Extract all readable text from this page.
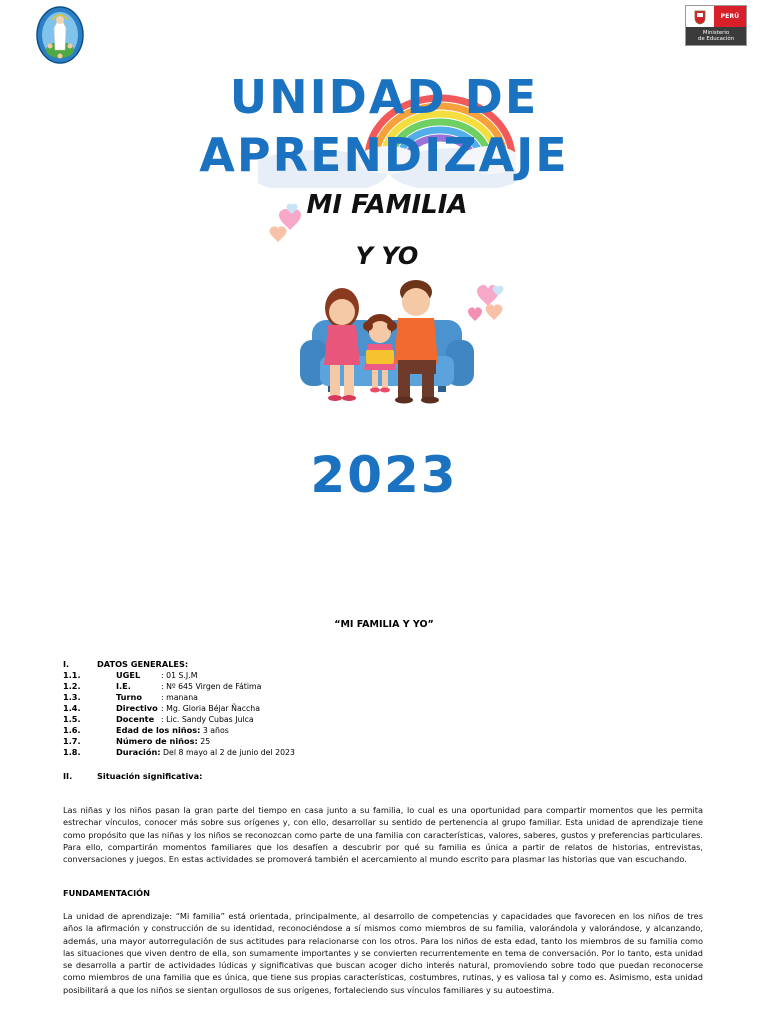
PERÚ
Ministerio
de Educación
UNIDAD DE
APRENDIZAJE
MI FAMILIA
Y YO
2023
“MI FAMILIA Y YO”
I.	DATOS GENERALES:
1.1.	UGEL	: 01 S.J.M
1.2.	I.E.	: Nº 645 Virgen de Fátima
1.3.	Turno : manana
1.4.	Directivo : Mg. Gloria Béjar Ñaccha
1.5.	Docente : Lic. Sandy Cubas Julca
1.6.	Edad de los niños: 3 años
1.7.	Número de niños: 25
1.8.	Duración: Del 8 mayo al 2 de junio del 2023
II.	Situación significativa:
Las niñas y los niños pasan la gran parte del tiempo en casa junto a su familia, lo cual es una oportunidad para compartir momentos que les permita estrechar vínculos, conocer más sobre sus orígenes y, con ello, desarrollar su sentido de pertenencia al grupo familiar. Esta unidad de aprendizaje tiene como propósito que las niñas y los niños se reconozcan como parte de una familia con características, valores, saberes, gustos y preferencias particulares. Para ello, compartirán momentos familiares que los desafíen a descubrir por qué su familia es única a partir de relatos de historias, entrevistas, conversaciones y juegos. En estas actividades se promoverá también el acercamiento al mundo escrito para plasmar las historias que van escuchando.
FUNDAMENTACIÓN
La unidad de aprendizaje: “Mi familia” está orientada, principalmente, al desarrollo de competencias y capacidades que favorecen en los niños de tres años la afirmación y construcción de su identidad, reconociéndose a sí mismos como miembros de su familia, valorándola y valorándose, y alcanzando, además, una mayor autorregulación de sus actitudes para relacionarse con los otros. Para los niños de esta edad, tanto los miembros de su familia como las situaciones que viven dentro de ella, son sumamente importantes y se convierten recurrentemente en tema de conversación. Por lo tanto, esta unidad se desarrolla a partir de actividades lúdicas y significativas que buscan acoger dicho interés natural, promoviendo sobre todo que puedan reconocerse como miembros de una familia que es única, que tiene sus propias características, costumbres, rutinas, y es valiosa tal y como es. Asimismo, esta unidad posibilitará a que los niños se sientan orgullosos de sus orígenes, fortaleciendo sus vínculos familiares y su autoestima.
